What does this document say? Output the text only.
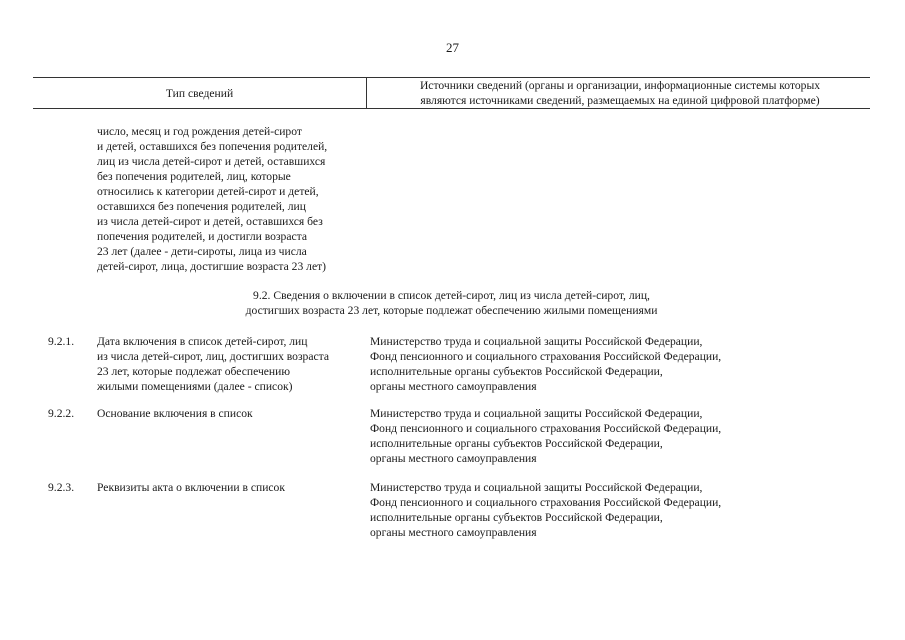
27
Тип сведений
Источники сведений (органы и организации, информационные системы которых
являются источниками сведений, размещаемых на единой цифровой платформе)
число, месяц и год рождения детей-сирот
и детей, оставшихся без попечения родителей,
лиц из числа детей-сирот и детей, оставшихся
без попечения родителей, лиц, которые
относились к категории детей-сирот и детей,
оставшихся без попечения родителей, лиц
из числа детей-сирот и детей, оставшихся без
попечения родителей, и достигли возраста
23 лет (далее - дети-сироты, лица из числа
детей-сирот, лица, достигшие возраста 23 лет)
9.2. Сведения о включении в список детей-сирот, лиц из числа детей-сирот, лиц,
достигших возраста 23 лет, которые подлежат обеспечению жилыми помещениями
9.2.1. Дата включения в список детей-сирот, лиц
из числа детей-сирот, лиц, достигших возраста
23 лет, которые подлежат обеспечению
жилыми помещениями (далее - список)
Министерство труда и социальной защиты Российской Федерации,
Фонд пенсионного и социального страхования Российской Федерации,
исполнительные органы субъектов Российской Федерации,
органы местного самоуправления
9.2.2. Основание включения в список	Министерство труда и социальной защиты Российской Федерации,
Фонд пенсионного и социального страхования Российской Федерации,
исполнительные органы субъектов Российской Федерации,
органы местного самоуправления
9.2.3. Реквизиты акта о включении в список	Министерство труда и социальной защиты Российской Федерации,
Фонд пенсионного и социального страхования Российской Федерации,
исполнительные органы субъектов Российской Федерации,
органы местного самоуправления
